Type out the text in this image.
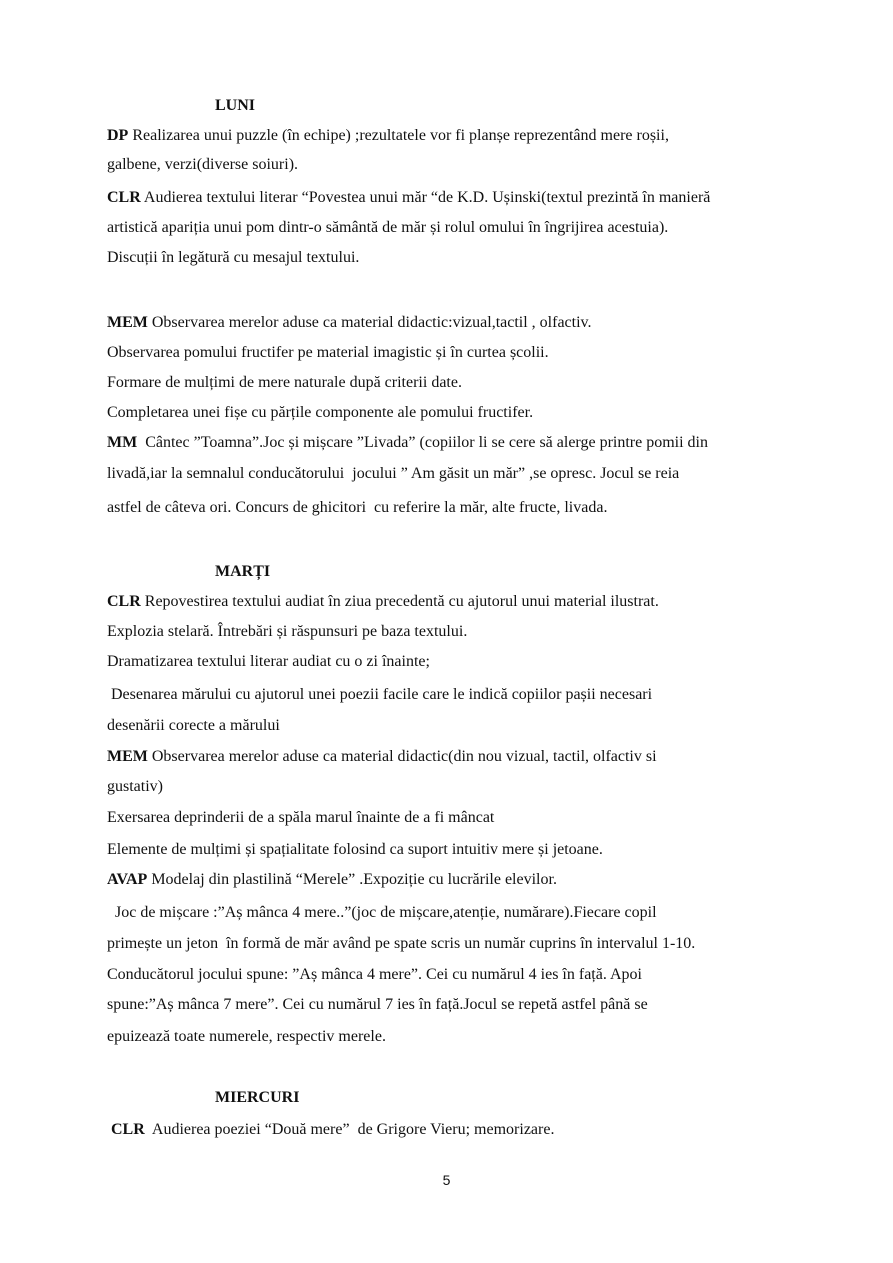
LUNI
DP Realizarea unui puzzle (în echipe) ;rezultatele vor fi planșe reprezentând mere roșii,
galbene, verzi(diverse soiuri).
CLR Audierea textului literar “Povestea unui măr “de K.D. Ușinski(textul prezintă în manieră
artistică apariția unui pom dintr-o sământă de măr și rolul omului în îngrijirea acestuia).
Discuții în legătură cu mesajul textului.
MEM Observarea merelor aduse ca material didactic:vizual,tactil , olfactiv.
Observarea pomului fructifer pe material imagistic și în curtea școlii.
Formare de mulțimi de mere naturale după criterii date.
Completarea unei fișe cu părțile componente ale pomului fructifer.
MM  Cântec ”Toamna”.Joc și mișcare ”Livada” (copiilor li se cere să alerge printre pomii din
livadă,iar la semnalul conducătorului  jocului ” Am găsit un măr” ,se opresc. Jocul se reia
astfel de câteva ori. Concurs de ghicitori  cu referire la măr, alte fructe, livada.
MARȚI
CLR Repovestirea textului audiat în ziua precedentă cu ajutorul unui material ilustrat.
Explozia stelară. Întrebări și răspunsuri pe baza textului.
Dramatizarea textului literar audiat cu o zi înainte;
Desenarea mărului cu ajutorul unei poezii facile care le indică copiilor pașii necesari
desenării corecte a mărului
MEM Observarea merelor aduse ca material didactic(din nou vizual, tactil, olfactiv si
gustativ)
Exersarea deprinderii de a spăla marul înainte de a fi mâncat
Elemente de mulțimi și spațialitate folosind ca suport intuitiv mere și jetoane.
AVAP Modelaj din plastilină “Merele” .Expoziție cu lucrările elevilor.
Joc de mișcare :”Aș mânca 4 mere..”(joc de mișcare,atenție, numărare).Fiecare copil
primește un jeton  în formă de măr având pe spate scris un număr cuprins în intervalul 1-10.
Conducătorul jocului spune: ”Aș mânca 4 mere”. Cei cu numărul 4 ies în față. Apoi
spune:”Aș mânca 7 mere”. Cei cu numărul 7 ies în față.Jocul se repetă astfel până se
epuizează toate numerele, respectiv merele.
MIERCURI
CLR  Audierea poeziei “Două mere”  de Grigore Vieru; memorizare.
5
